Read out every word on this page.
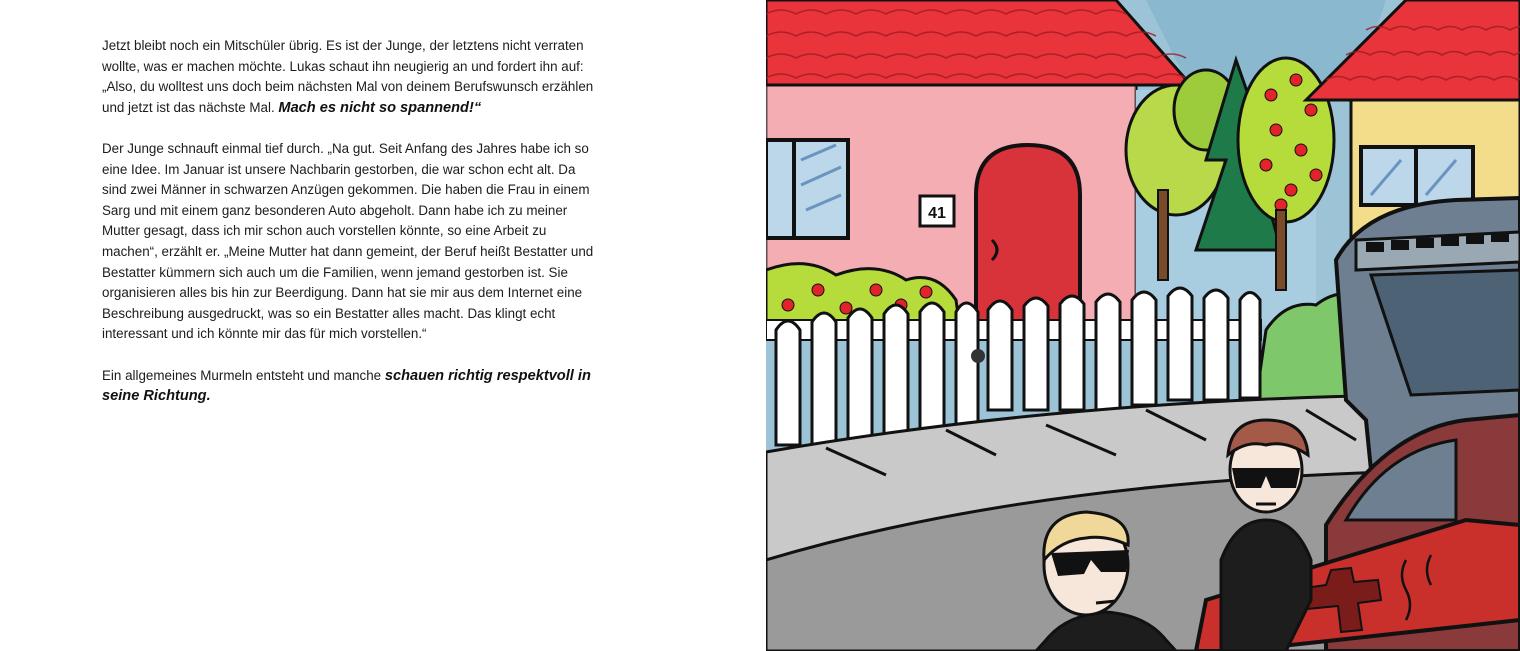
Jetzt bleibt noch ein Mitschüler übrig. Es ist der Junge, der letztens nicht verraten wollte, was er machen möchte. Lukas schaut ihn neugierig an und fordert ihn auf: „Also, du wolltest uns doch beim nächsten Mal von deinem Berufswunsch erzählen und jetzt ist das nächste Mal. Mach es nicht so spannend!“

Der Junge schnauft einmal tief durch. „Na gut. Seit Anfang des Jahres habe ich so eine Idee. Im Januar ist unsere Nachbarin gestorben, die war schon echt alt. Da sind zwei Männer in schwarzen Anzügen gekommen. Die haben die Frau in einem Sarg und mit einem ganz besonderen Auto abgeholt. Dann habe ich zu meiner Mutter gesagt, dass ich mir schon auch vorstellen könnte, so eine Arbeit zu machen“, erzählt er. „Meine Mutter hat dann gemeint, der Beruf heißt Bestatter und Bestatter kümmern sich auch um die Familien, wenn jemand gestorben ist. Sie organisieren alles bis hin zur Beerdigung. Dann hat sie mir aus dem Internet eine Beschreibung ausgedruckt, was so ein Bestatter alles macht. Das klingt echt interessant und ich könnte mir das für mich vorstellen.“

Ein allgemeines Murmeln entsteht und manche schauen richtig respektvoll in seine Richtung.

41
